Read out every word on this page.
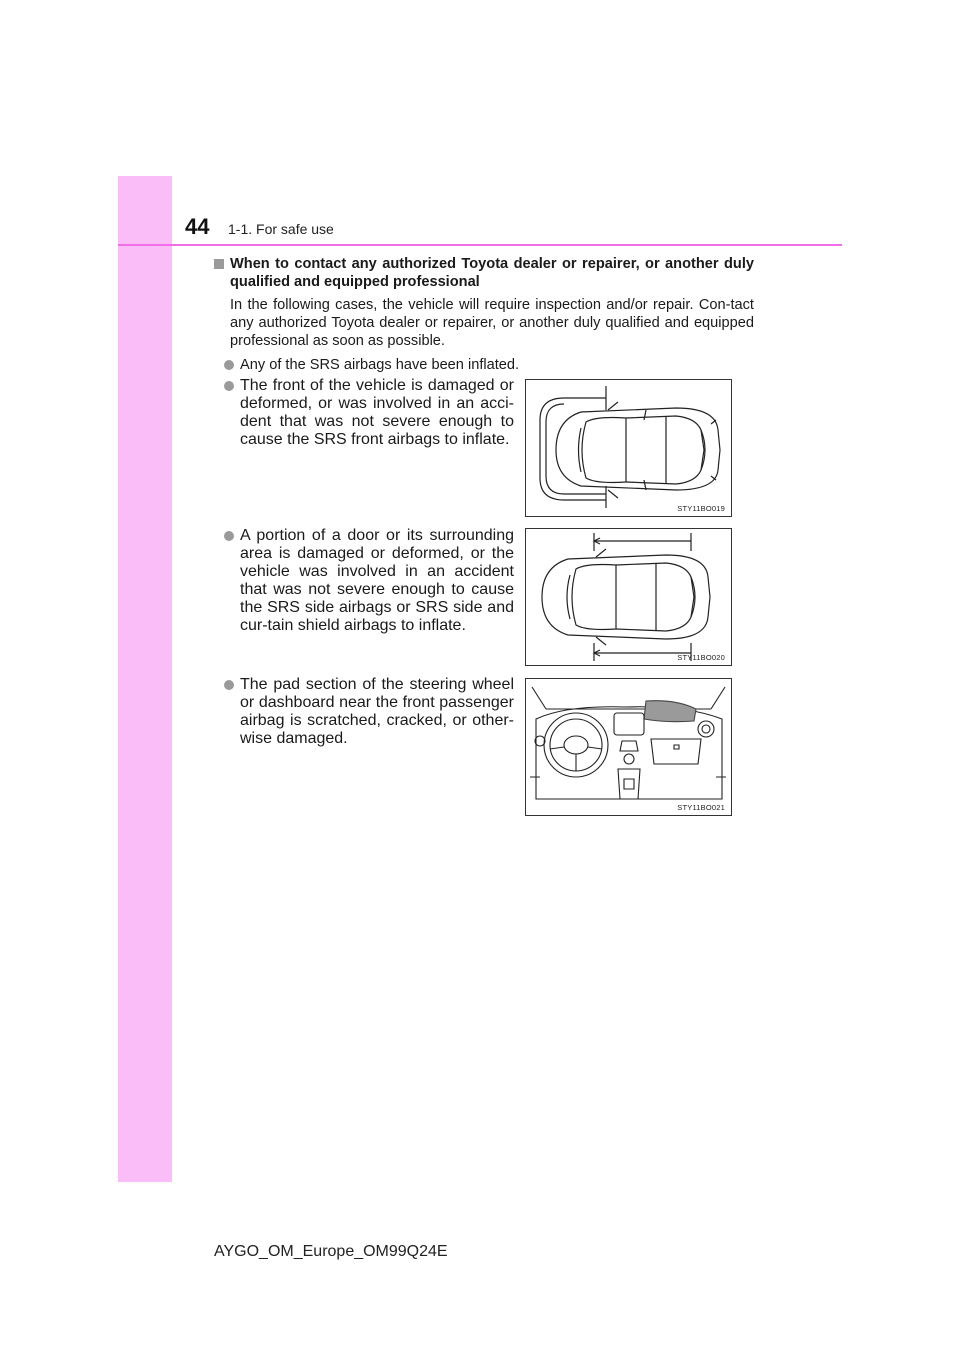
44 1-1. For safe use
When to contact any authorized Toyota dealer or repairer, or another duly qualified and equipped professional
In the following cases, the vehicle will require inspection and/or repair. Con-tact any authorized Toyota dealer or repairer, or another duly qualified and equipped professional as soon as possible.
Any of the SRS airbags have been inflated.
The front of the vehicle is damaged or deformed, or was involved in an acci-dent that was not severe enough to cause the SRS front airbags to inflate.
STY11BO019
A portion of a door or its surrounding area is damaged or deformed, or the vehicle was involved in an accident that was not severe enough to cause the SRS side airbags or SRS side and cur-tain shield airbags to inflate.
STY11BO020
The pad section of the steering wheel or dashboard near the front passenger airbag is scratched, cracked, or other-wise damaged.
STY11BO021
AYGO_OM_Europe_OM99Q24E
